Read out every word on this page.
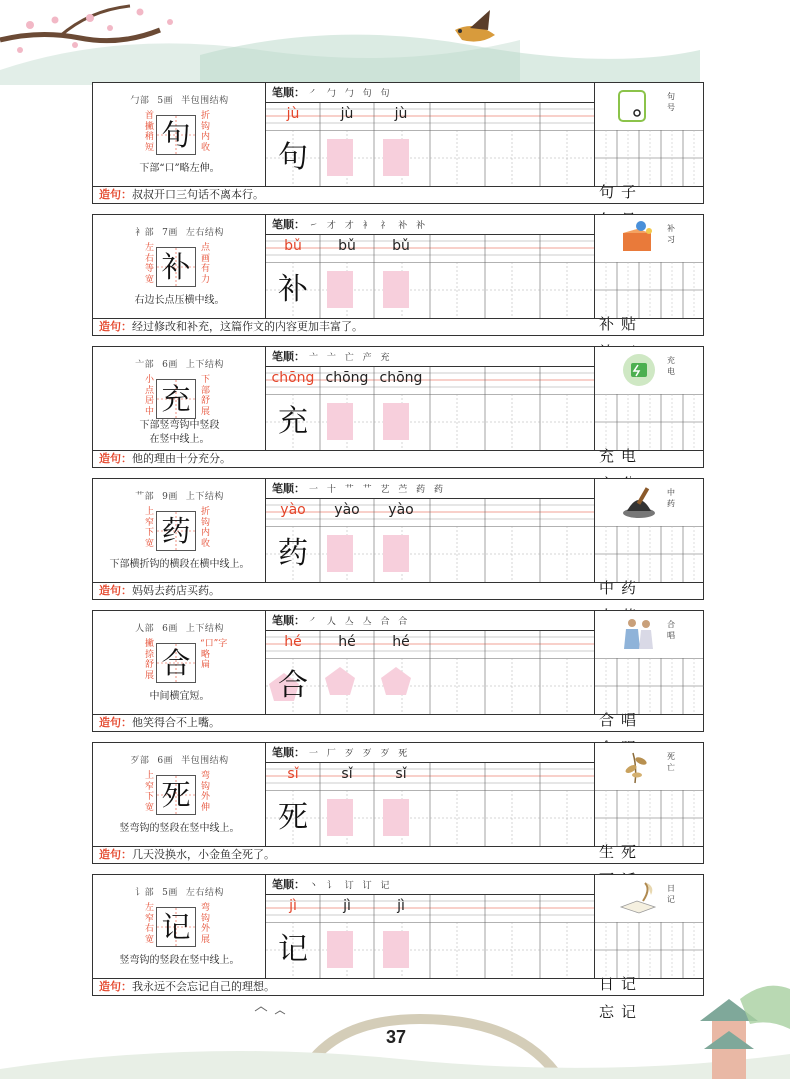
勹部 5画 半包围结构
首撇稍短 句
折钩内收
下部“口”略左伸。
笔顺： ㇒ 勹 勹 句 句
jù	jù	jù
句
句号
句子
造句：叔叔开口三句话不离本行。
衤部 7画 左右结构
左右等宽 补
点画有力
右边长点压横中线。
笔顺： ㇀ 才 才 衤 礻 补 补
bǔ	bǔ	bǔ
补
补习
补贴
造句：经过修改和补充，这篇作文的内容更加丰富了。
亠部 6画 上下结构
小点居中 充
下部舒展
下部竖弯钩中竖段
在竖中线上。
笔顺： 亠 亠 亡 产 充
chōng chōng chōng
充
充电
充电
造句：他的理由十分充分。
艹部 9画 上下结构
上窄下宽 药
折钩内收
下部横折钩的横段在横中线上。
笔顺： 一 十 艹 艹 艺 苎 药 药
yào	yào	yào
药
中药
中药
造句：妈妈去药店买药。
人部 6画 上下结构
撇捺舒展 合
“口”字略扁
中间横宜短。
笔顺： ㇒ 人 亼 亼 合 合
hé	hé	hé
合
合唱
合唱
造句：他笑得合不上嘴。
歹部 6画 半包围结构
上窄下宽 死
弯钩外伸
竖弯钩的竖段在竖中线上。
笔顺： 一 厂 歹 歹 歹 死
sǐ	sǐ	sǐ
死
死亡
生死
造句：几天没换水，小金鱼全死了。
讠部 5画 左右结构
左窄右宽 记
弯钩外展
竖弯钩的竖段在竖中线上。
笔顺： 丶 讠 订 订 记
jì	jì	jì
记
日记
日记
忘记
造句：我永远不会忘记自己的理想。
37
